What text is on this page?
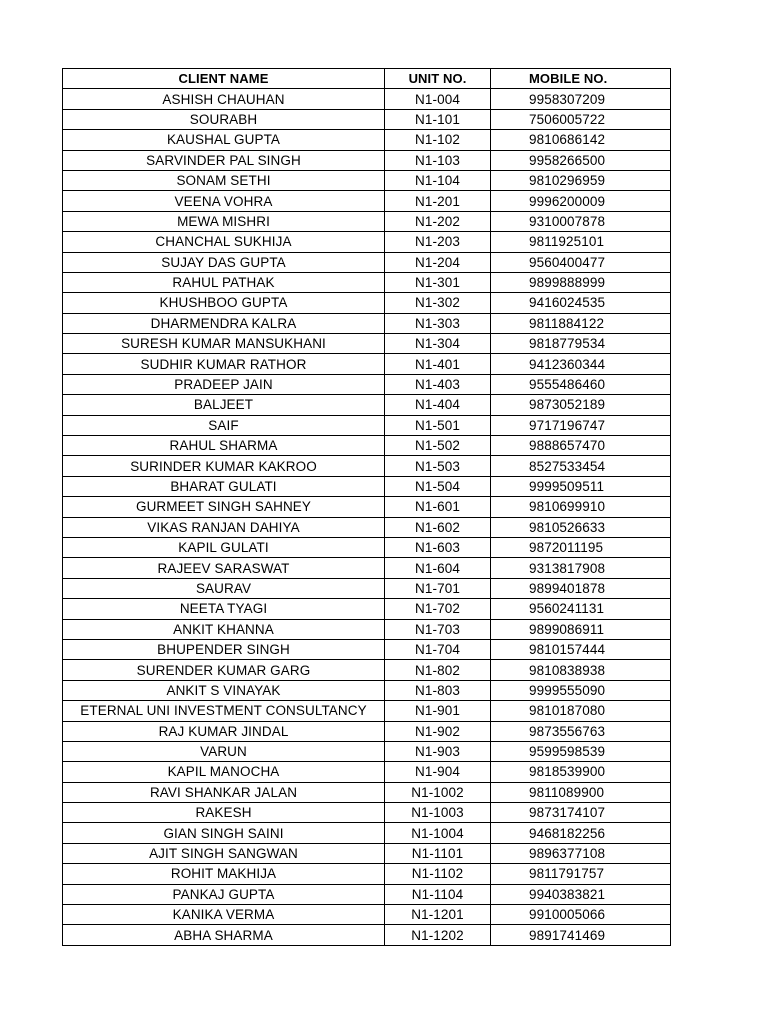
CLIENT NAME	UNIT NO.	MOBILE NO.
ASHISH CHAUHAN	N1-004	9958307209
SOURABH	N1-101	7506005722
KAUSHAL GUPTA	N1-102	9810686142
SARVINDER PAL SINGH	N1-103	9958266500
SONAM SETHI	N1-104	9810296959
VEENA VOHRA	N1-201	9996200009
MEWA MISHRI	N1-202	9310007878
CHANCHAL SUKHIJA	N1-203	9811925101
SUJAY DAS GUPTA	N1-204	9560400477
RAHUL PATHAK	N1-301	9899888999
KHUSHBOO GUPTA	N1-302	9416024535
DHARMENDRA KALRA	N1-303	9811884122
SURESH KUMAR MANSUKHANI	N1-304	9818779534
SUDHIR KUMAR RATHOR	N1-401	9412360344
PRADEEP JAIN	N1-403	9555486460
BALJEET	N1-404	9873052189
SAIF	N1-501	9717196747
RAHUL SHARMA	N1-502	9888657470
SURINDER KUMAR KAKROO	N1-503	8527533454
BHARAT GULATI	N1-504	9999509511
GURMEET SINGH SAHNEY	N1-601	9810699910
VIKAS RANJAN DAHIYA	N1-602	9810526633
KAPIL GULATI	N1-603	9872011195
RAJEEV SARASWAT	N1-604	9313817908
SAURAV	N1-701	9899401878
NEETA TYAGI	N1-702	9560241131
ANKIT KHANNA	N1-703	9899086911
BHUPENDER SINGH	N1-704	9810157444
SURENDER KUMAR GARG	N1-802	9810838938
ANKIT S VINAYAK	N1-803	9999555090
ETERNAL UNI INVESTMENT CONSULTANCY	N1-901	9810187080
RAJ KUMAR JINDAL	N1-902	9873556763
VARUN	N1-903	9599598539
KAPIL MANOCHA	N1-904	9818539900
RAVI SHANKAR JALAN	N1-1002	9811089900
RAKESH	N1-1003	9873174107
GIAN SINGH SAINI	N1-1004	9468182256
AJIT SINGH SANGWAN	N1-1101	9896377108
ROHIT MAKHIJA	N1-1102	9811791757
PANKAJ GUPTA	N1-1104	9940383821
KANIKA VERMA	N1-1201	9910005066
ABHA SHARMA	N1-1202	9891741469
